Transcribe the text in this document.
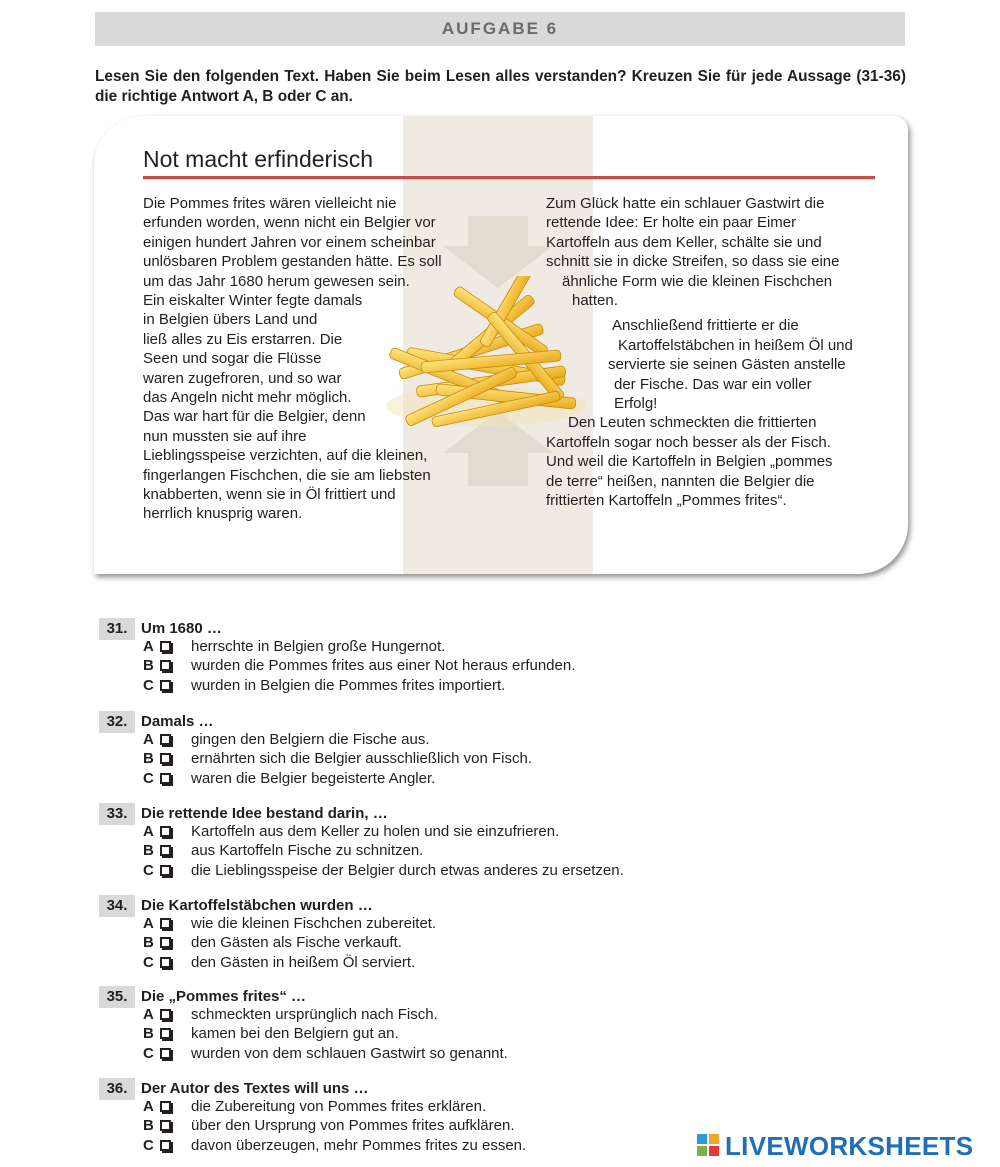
AUFGABE 6
Lesen Sie den folgenden Text. Haben Sie beim Lesen alles verstanden? Kreuzen Sie für jede Aussage (31-36) die richtige Antwort A, B oder C an.
Not macht erfinderisch
Die Pommes frites wären vielleicht nie
erfunden worden, wenn nicht ein Belgier vor
einigen hundert Jahren vor einem scheinbar
unlösbaren Problem gestanden hätte. Es soll
um das Jahr 1680 herum gewesen sein.
Ein eiskalter Winter fegte damals
in Belgien übers Land und
ließ alles zu Eis erstarren. Die
Seen und sogar die Flüsse
waren zugefroren, und so war
das Angeln nicht mehr möglich.
Das war hart für die Belgier, denn
nun mussten sie auf ihre
Lieblingsspeise verzichten, auf die kleinen,
fingerlangen Fischchen, die sie am liebsten
knabberten, wenn sie in Öl frittiert und
herrlich knusprig waren.
Zum Glück hatte ein schlauer Gastwirt die
rettende Idee: Er holte ein paar Eimer
Kartoffeln aus dem Keller, schälte sie und
schnitt sie in dicke Streifen, so dass sie eine
ähnliche Form wie die kleinen Fischchen
hatten.
Anschließend frittierte er die
Kartoffelstäbchen in heißem Öl und
servierte sie seinen Gästen anstelle
der Fische. Das war ein voller
Erfolg!
Den Leuten schmeckten die frittierten
Kartoffeln sogar noch besser als der Fisch.
Und weil die Kartoffeln in Belgien „pommes
de terre“ heißen, nannten die Belgier die
frittierten Kartoffeln „Pommes frites“.
31. Um 1680 …
A herrschte in Belgien große Hungernot.
B wurden die Pommes frites aus einer Not heraus erfunden.
C wurden in Belgien die Pommes frites importiert.
32. Damals …
A gingen den Belgiern die Fische aus.
B ernährten sich die Belgier ausschließlich von Fisch.
C waren die Belgier begeisterte Angler.
33. Die rettende Idee bestand darin, …
A Kartoffeln aus dem Keller zu holen und sie einzufrieren.
B aus Kartoffeln Fische zu schnitzen.
C die Lieblingsspeise der Belgier durch etwas anderes zu ersetzen.
34. Die Kartoffelstäbchen wurden …
A wie die kleinen Fischchen zubereitet.
B den Gästen als Fische verkauft.
C den Gästen in heißem Öl serviert.
35. Die „Pommes frites“ …
A schmeckten ursprünglich nach Fisch.
B kamen bei den Belgiern gut an.
C wurden von dem schlauen Gastwirt so genannt.
36. Der Autor des Textes will uns …
A die Zubereitung von Pommes frites erklären.
B über den Ursprung von Pommes frites aufklären.
C davon überzeugen, mehr Pommes frites zu essen.	LIVEWORKSHEETS
